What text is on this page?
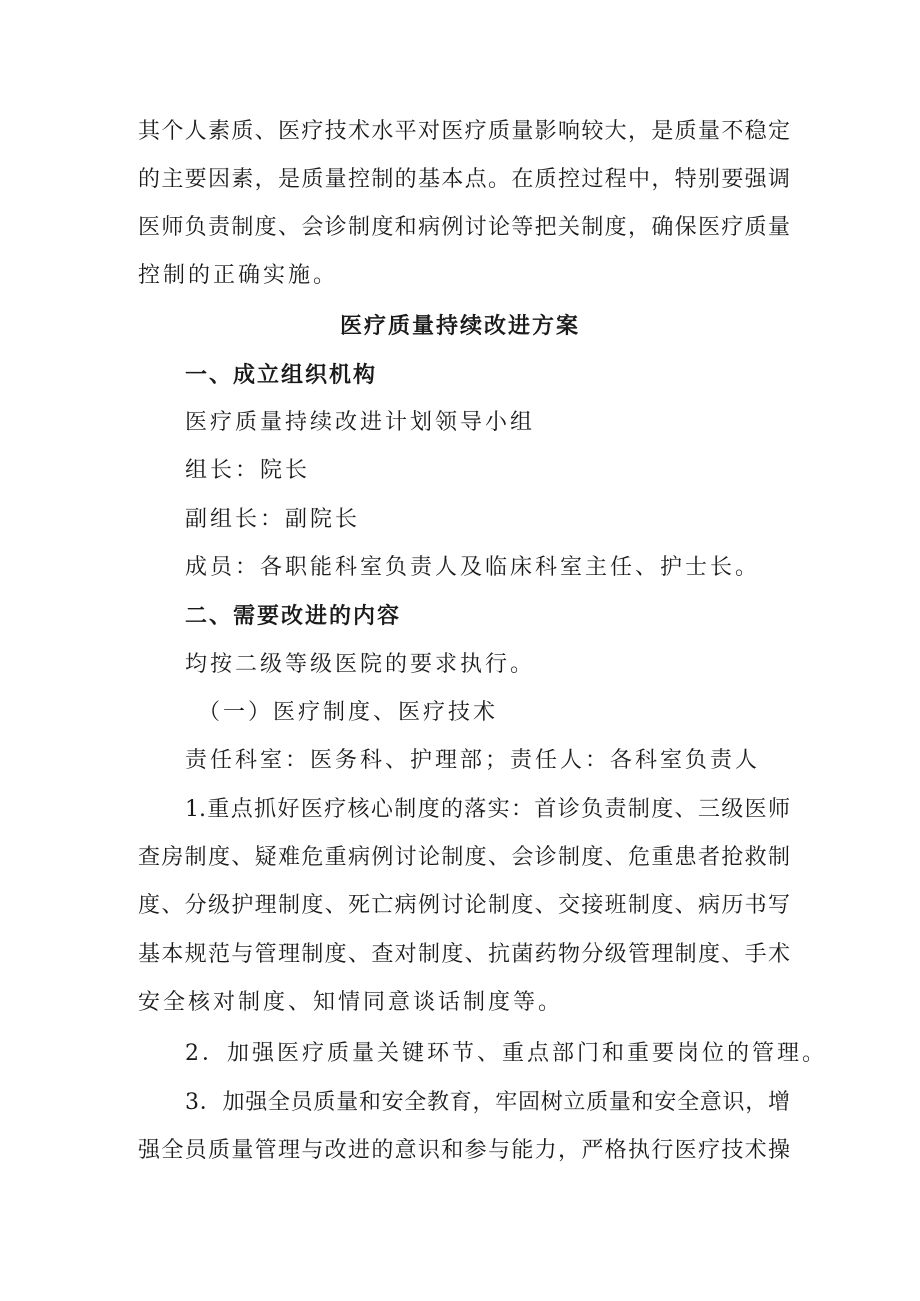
其个人素质、医疗技术水平对医疗质量影响较大，是质量不稳定
的主要因素，是质量控制的基本点。在质控过程中，特别要强调
医师负责制度、会诊制度和病例讨论等把关制度，确保医疗质量
控制的正确实施。
医疗质量持续改进方案
一、成立组织机构
医疗质量持续改进计划领导小组
组长：院长
副组长：副院长
成员：各职能科室负责人及临床科室主任、护士长。
二、需要改进的内容
均按二级等级医院的要求执行。
（一）医疗制度、医疗技术
责任科室：医务科、护理部；责任人：各科室负责人
1.重点抓好医疗核心制度的落实：首诊负责制度、三级医师
查房制度、疑难危重病例讨论制度、会诊制度、危重患者抢救制
度、分级护理制度、死亡病例讨论制度、交接班制度、病历书写
基本规范与管理制度、查对制度、抗菌药物分级管理制度、手术
安全核对制度、知情同意谈话制度等。
2．加强医疗质量关键环节、重点部门和重要岗位的管理。
3．加强全员质量和安全教育，牢固树立质量和安全意识，增
强全员质量管理与改进的意识和参与能力，严格执行医疗技术操
